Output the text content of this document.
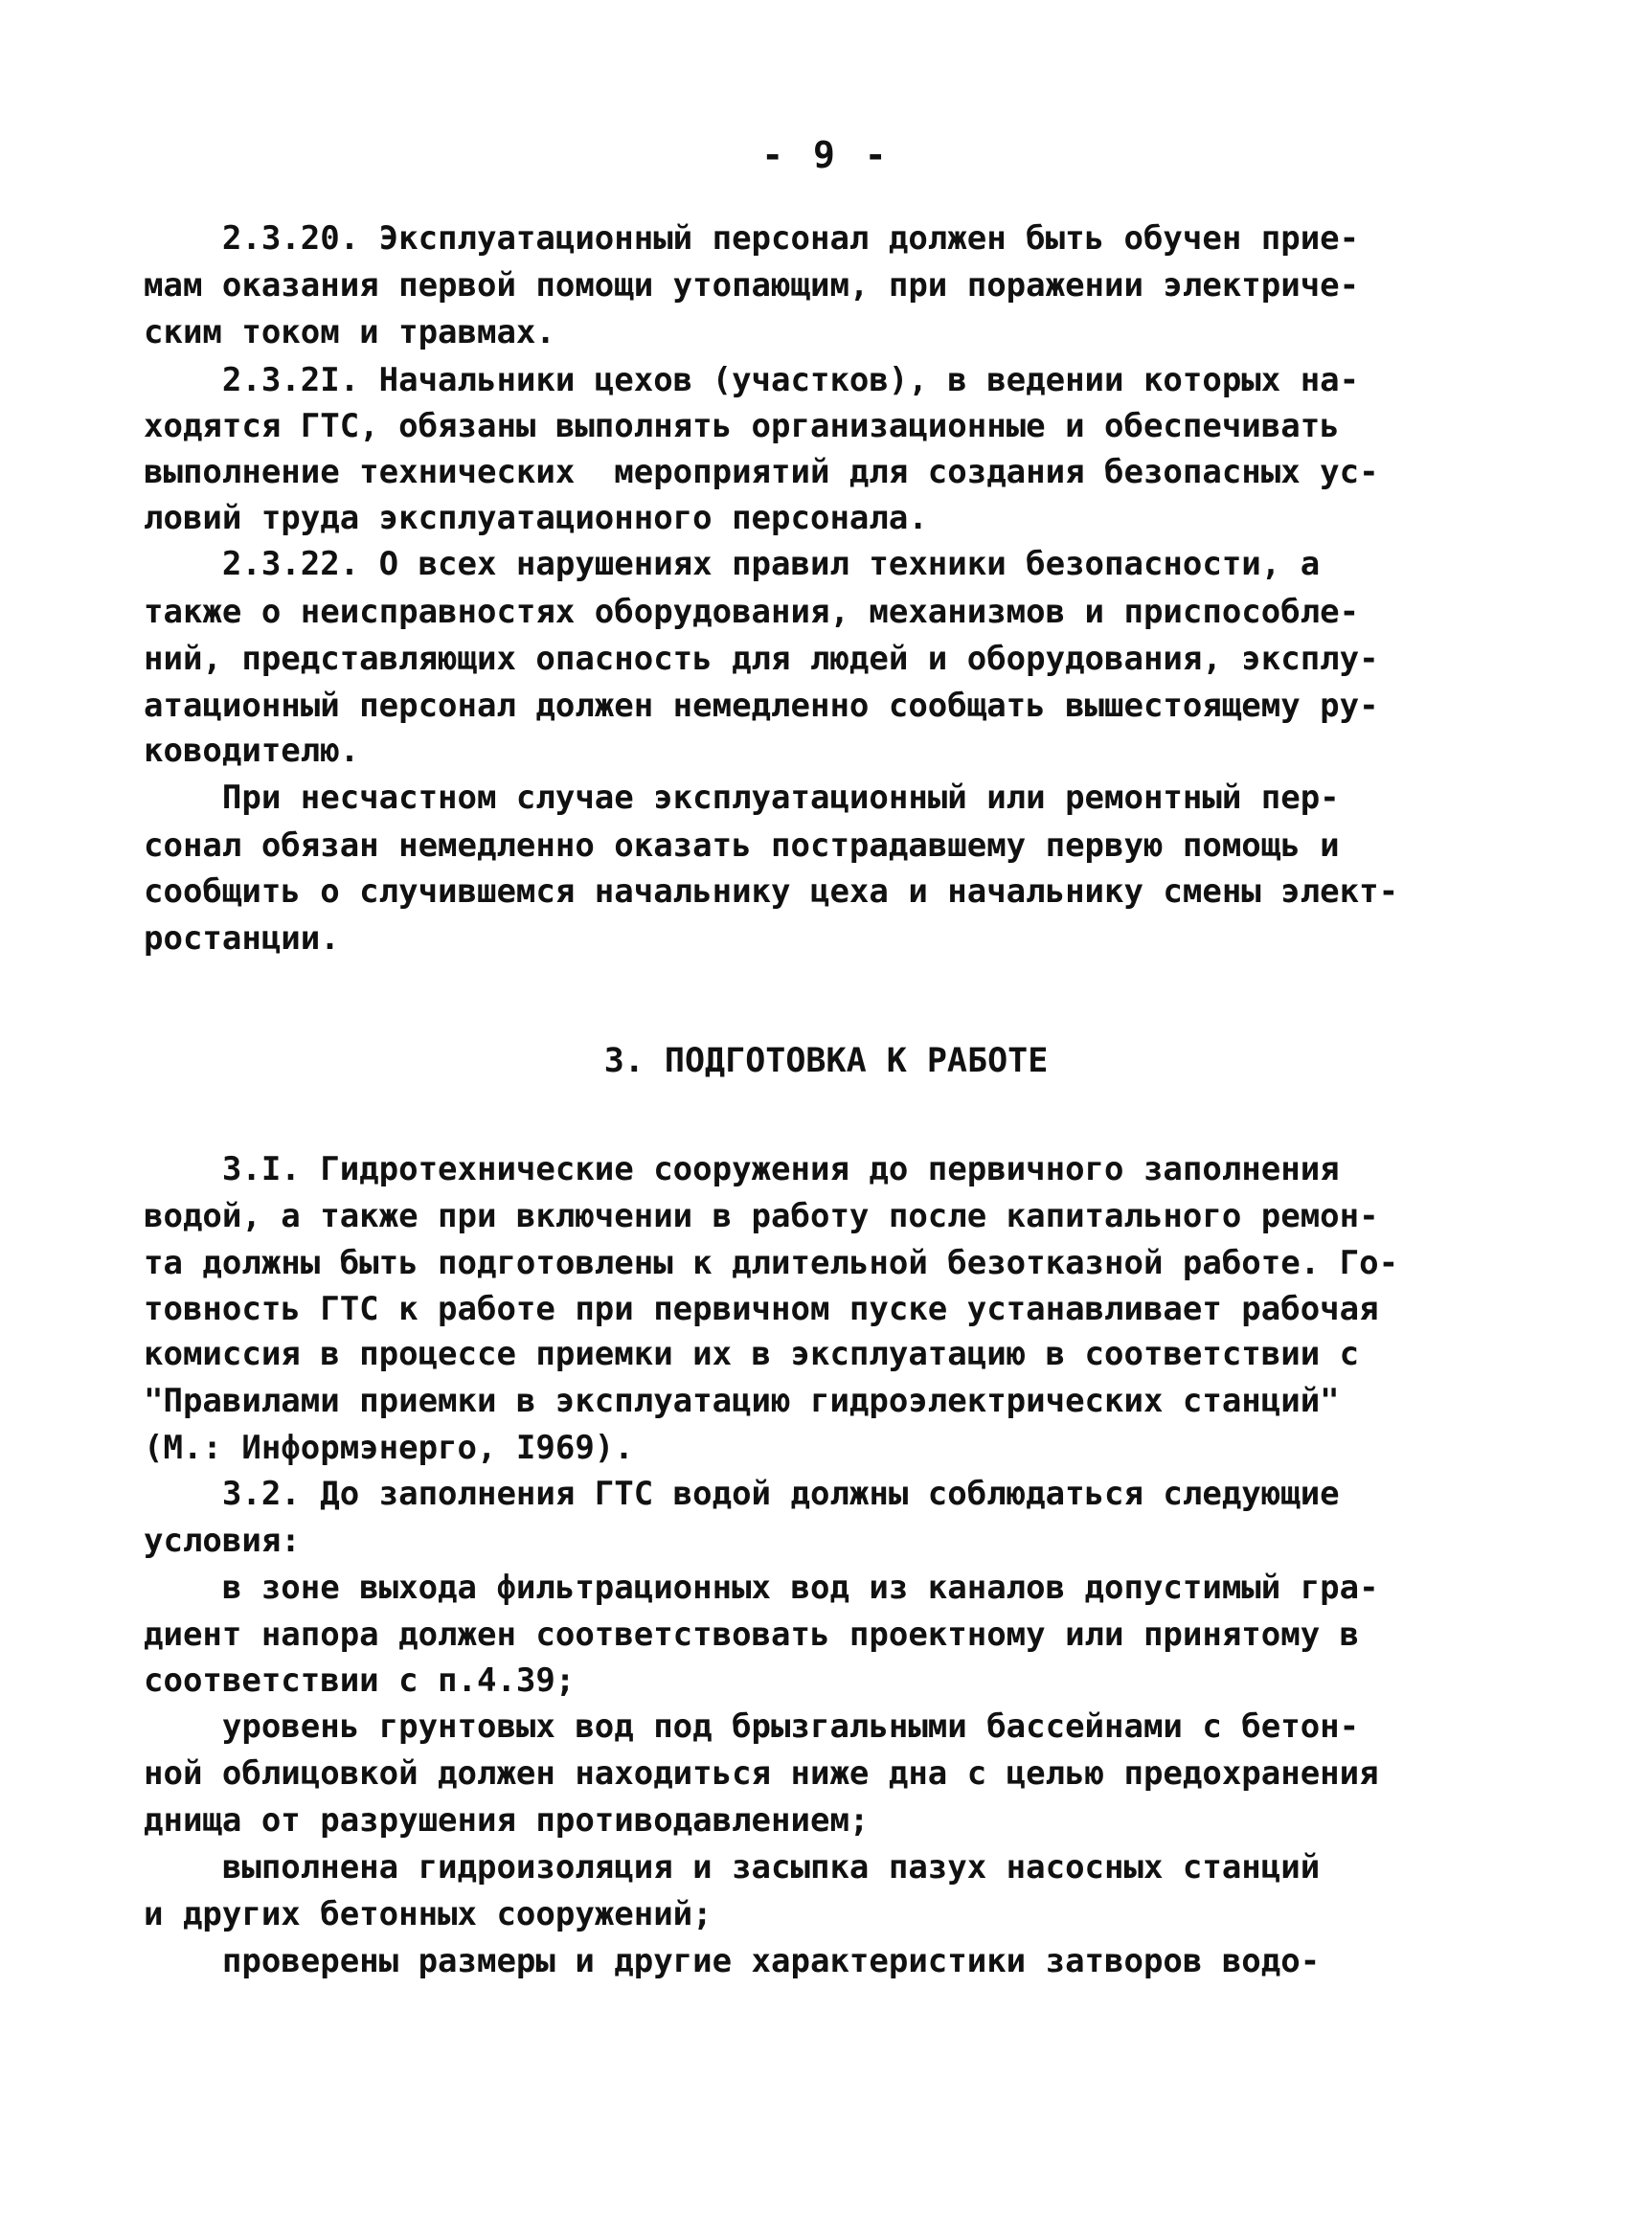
- 9 -

2.3.20. Эксплуатационный персонал должен быть обучен прие-

мам оказания первой помощи утопающим, при поражении электриче-

ским током и травмах.

2.3.2I. Начальники цехов (участков), в ведении которых на-

ходятся ГТС, обязаны выполнять организационные и обеспечивать

выполнение технических  мероприятий для создания безопасных ус-

ловий труда эксплуатационного персонала.

2.3.22. О всех нарушениях правил техники безопасности, а

также о неисправностях оборудования, механизмов и приспособле-

ний, представляющих опасность для людей и оборудования, эксплу-

атационный персонал должен немедленно сообщать вышестоящему ру-

ководителю.

При несчастном случае эксплуатационный или ремонтный пер-

сонал обязан немедленно оказать пострадавшему первую помощь и

сообщить о случившемся начальнику цеха и начальнику смены элект-

ростанции.

3. ПОДГОТОВКА К РАБОТЕ

3.I. Гидротехнические сооружения до первичного заполнения

водой, а также при включении в работу после капитального ремон-

та должны быть подготовлены к длительной безотказной работе. Го-

товность ГТС к работе при первичном пуске устанавливает рабочая

комиссия в процессе приемки их в эксплуатацию в соответствии с

"Правилами приемки в эксплуатацию гидроэлектрических станций"

(М.: Информэнерго, I969).

3.2. До заполнения ГТС водой должны соблюдаться следующие

условия:

в зоне выхода фильтрационных вод из каналов допустимый гра-

диент напора должен соответствовать проектному или принятому в

соответствии с п.4.39;

уровень грунтовых вод под брызгальными бассейнами с бетон-

ной облицовкой должен находиться ниже дна с целью предохранения

днища от разрушения противодавлением;

выполнена гидроизоляция и засыпка пазух насосных станций

и других бетонных сооружений;

проверены размеры и другие характеристики затворов водо-
